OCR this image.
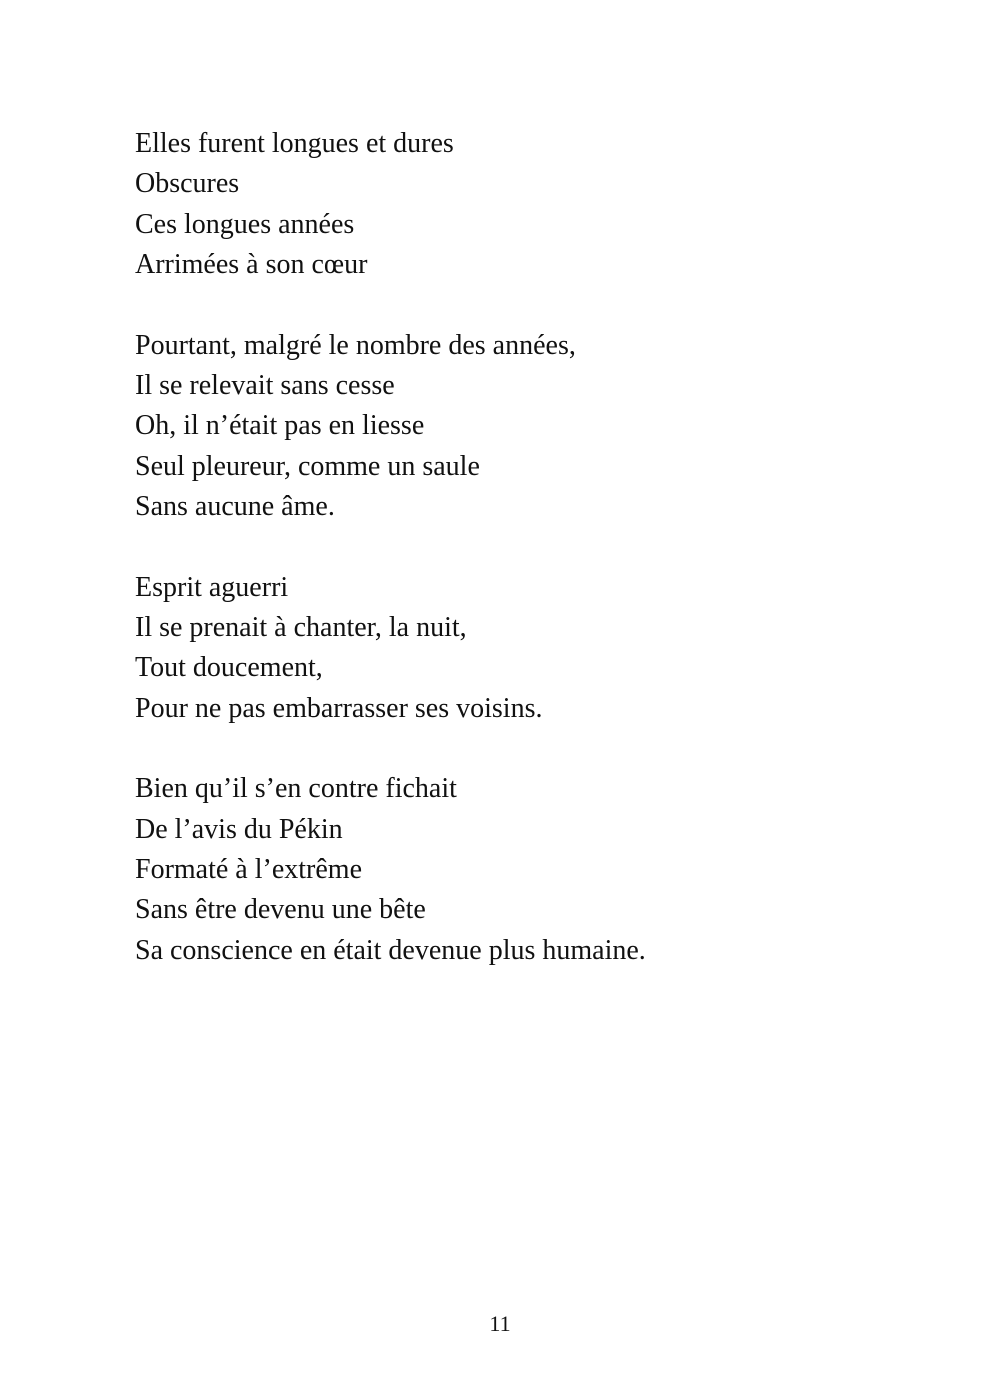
Elles furent longues et dures
Obscures
Ces longues années
Arrimées à son cœur
Pourtant, malgré le nombre des années,
Il se relevait sans cesse
Oh, il n’était pas en liesse
Seul pleureur, comme un saule
Sans aucune âme.
Esprit aguerri
Il se prenait à chanter, la nuit,
Tout doucement,
Pour ne pas embarrasser ses voisins.
Bien qu’il s’en contre fichait
De l’avis du Pékin
Formaté à l’extrême
Sans être devenu une bête
Sa conscience en était devenue plus humaine.
11
